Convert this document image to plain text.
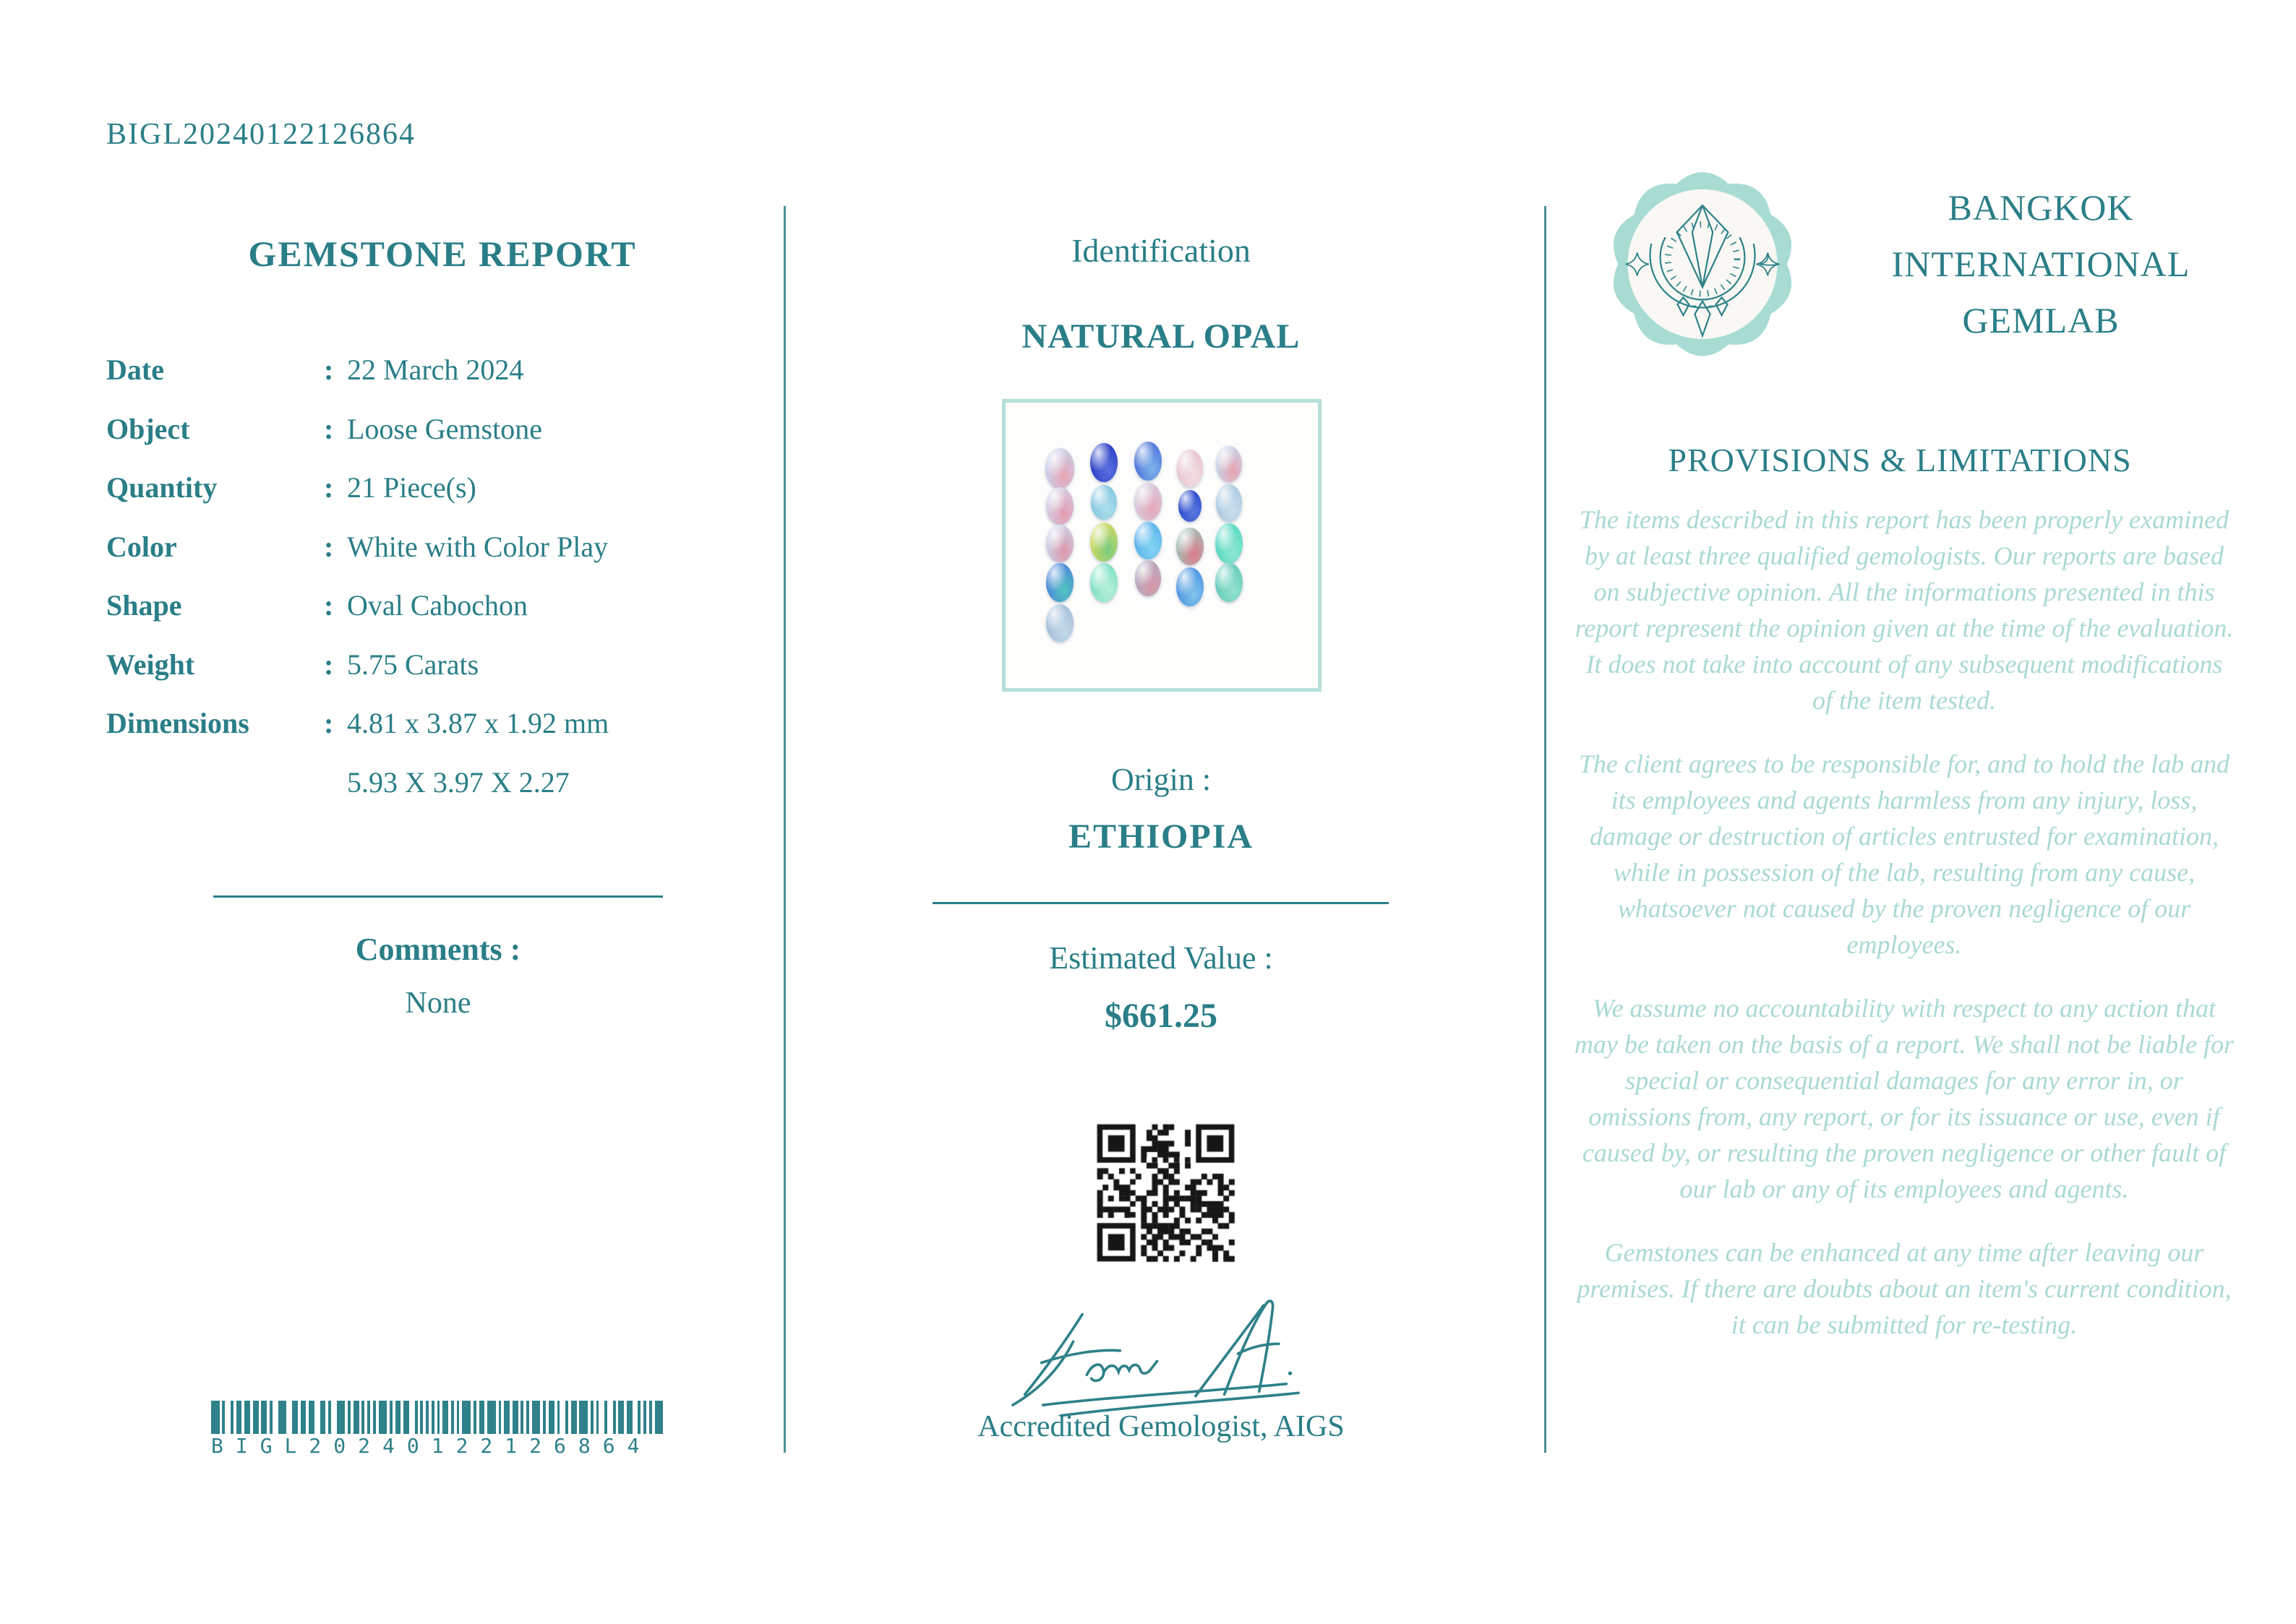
BIGL20240122126864
GEMSTONE REPORT
Date	: 22 March 2024
Object	: Loose Gemstone
Quantity	: 21 Piece(s)
Color	: White with Color Play
Shape	: Oval Cabochon
Weight	: 5.75 Carats
Dimensions	: 4.81 x 3.87 x 1.92 mm
5.93 X 3.97 X 2.27
Comments :
None
BIGL20240122126864
Identification
NATURAL OPAL
Origin :
ETHIOPIA
Estimated Value :
$661.25
Accredited Gemologist, AIGS
BANGKOK
INTERNATIONAL
GEMLAB
PROVISIONS & LIMITATIONS

The items described in this report has been properly examined by at least three qualified gemologists. Our reports are based on subjective opinion. All the informations presented in this report represent the opinion given at the time of the evaluation. It does not take into account of any subsequent modifications of the item tested.

The client agrees to be responsible for, and to hold the lab and its employees and agents harmless from any injury, loss, damage or destruction of articles entrusted for examination, while in possession of the lab, resulting from any cause, whatsoever not caused by the proven negligence of our employees.

We assume no accountability with respect to any action that may be taken on the basis of a report. We shall not be liable for special or consequential damages for any error in, or omissions from, any report, or for its issuance or use, even if caused by, or resulting the proven negligence or other fault of our lab or any of its employees and agents.

Gemstones can be enhanced at any time after leaving our premises. If there are doubts about an item's current condition, it can be submitted for re-testing.
